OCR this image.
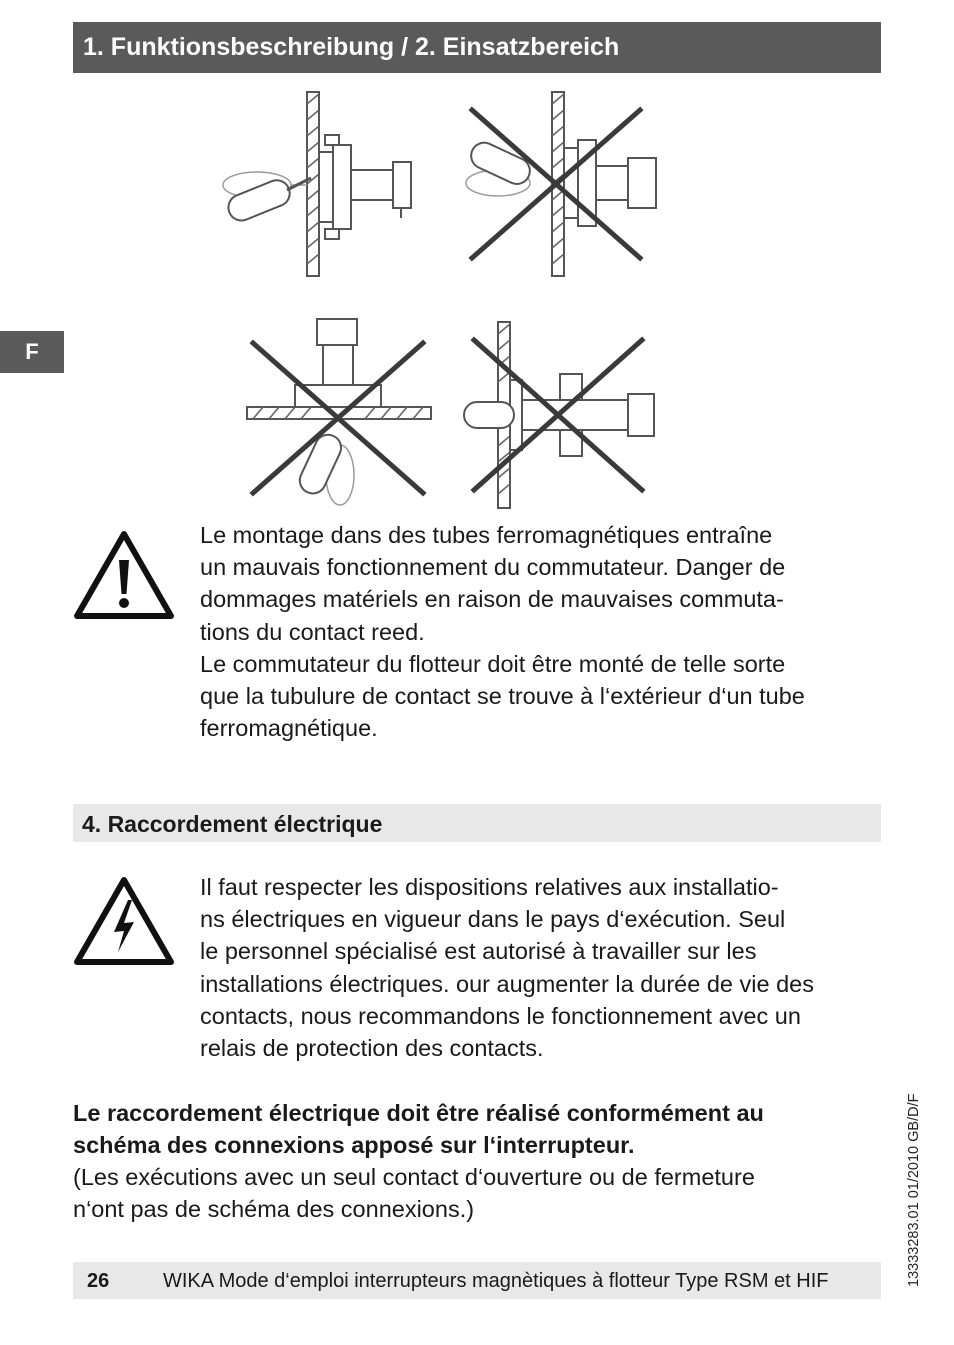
1. Funktionsbeschreibung / 2. Einsatzbereich
F

Le montage dans des tubes ferromagnétiques entraîne
un mauvais fonctionnement du commutateur. Danger de
dommages matériels en raison de mauvaises commuta-
tions du contact reed.
Le commutateur du flotteur doit être monté de telle sorte
que la tubulure de contact se trouve à l‘extérieur d‘un tube
ferromagnétique.

4. Raccordement électrique

Il faut respecter les dispositions relatives aux installatio-
ns électriques en vigueur dans le pays d‘exécution. Seul
le personnel spécialisé est autorisé à travailler sur les
installations électriques. our augmenter la durée de vie des
contacts, nous recommandons le fonctionnement avec un
relais de protection des contacts.

Le raccordement électrique doit être réalisé conformément au
schéma des connexions apposé sur l‘interrupteur.

(Les exécutions avec un seul contact d‘ouverture ou de fermeture
n‘ont pas de schéma des connexions.)

26	WIKA Mode d‘emploi interrupteurs magnètiques à flotteur Type RSM et HIF	13333283.01 01/2010 GB/D/F
